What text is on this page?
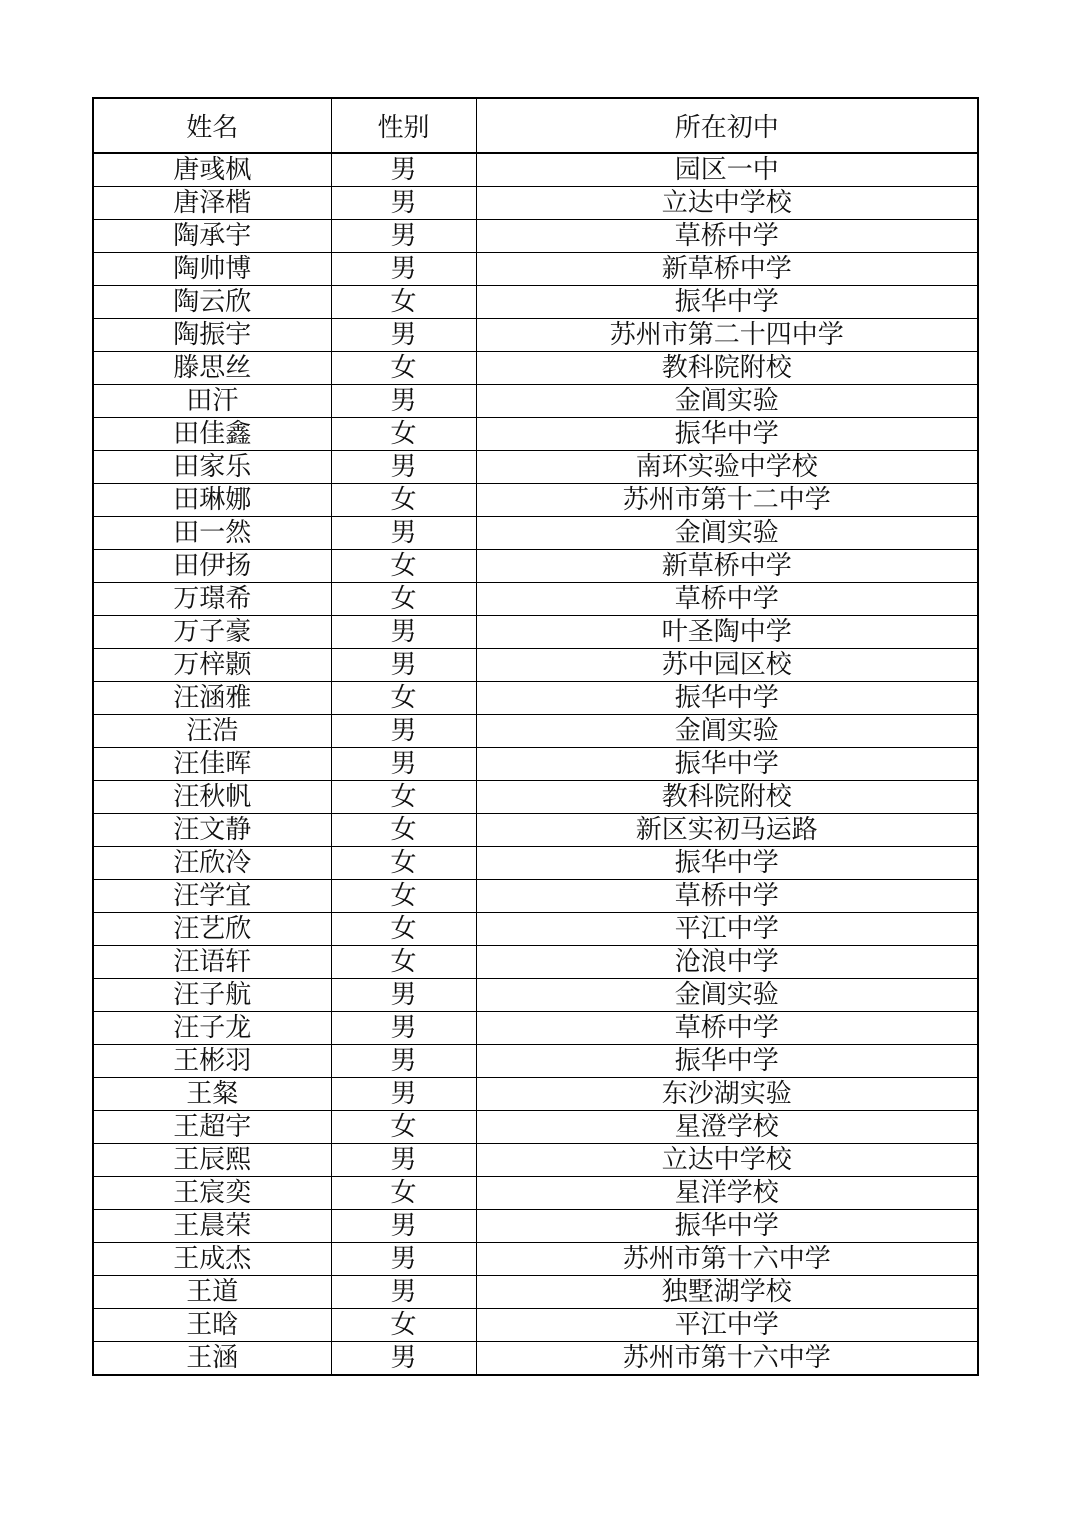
姓名	性别	所在初中
唐彧枫	男	园区一中
唐泽楷	男	立达中学校
陶承宇	男	草桥中学
陶帅博	男	新草桥中学
陶云欣	女	振华中学
陶振宇	男	苏州市第二十四中学
滕思丝	女	教科院附校
田汗	男	金阊实验
田佳鑫	女	振华中学
田家乐	男	南环实验中学校
田琳娜	女	苏州市第十二中学
田一然	男	金阊实验
田伊扬	女	新草桥中学
万璟希	女	草桥中学
万子豪	男	叶圣陶中学
万梓颢	男	苏中园区校
汪涵雅	女	振华中学
汪浩	男	金阊实验
汪佳晖	男	振华中学
汪秋帆	女	教科院附校
汪文静	女	新区实初马运路
汪欣泠	女	振华中学
汪学宜	女	草桥中学
汪艺欣	女	平江中学
汪语轩	女	沧浪中学
汪子航	男	金阊实验
汪子龙	男	草桥中学
王彬羽	男	振华中学
王粲	男	东沙湖实验
王超宇	女	星澄学校
王辰熙	男	立达中学校
王宸奕	女	星洋学校
王晨荣	男	振华中学
王成杰	男	苏州市第十六中学
王道	男	独墅湖学校
王晗	女	平江中学
王涵	男	苏州市第十六中学
